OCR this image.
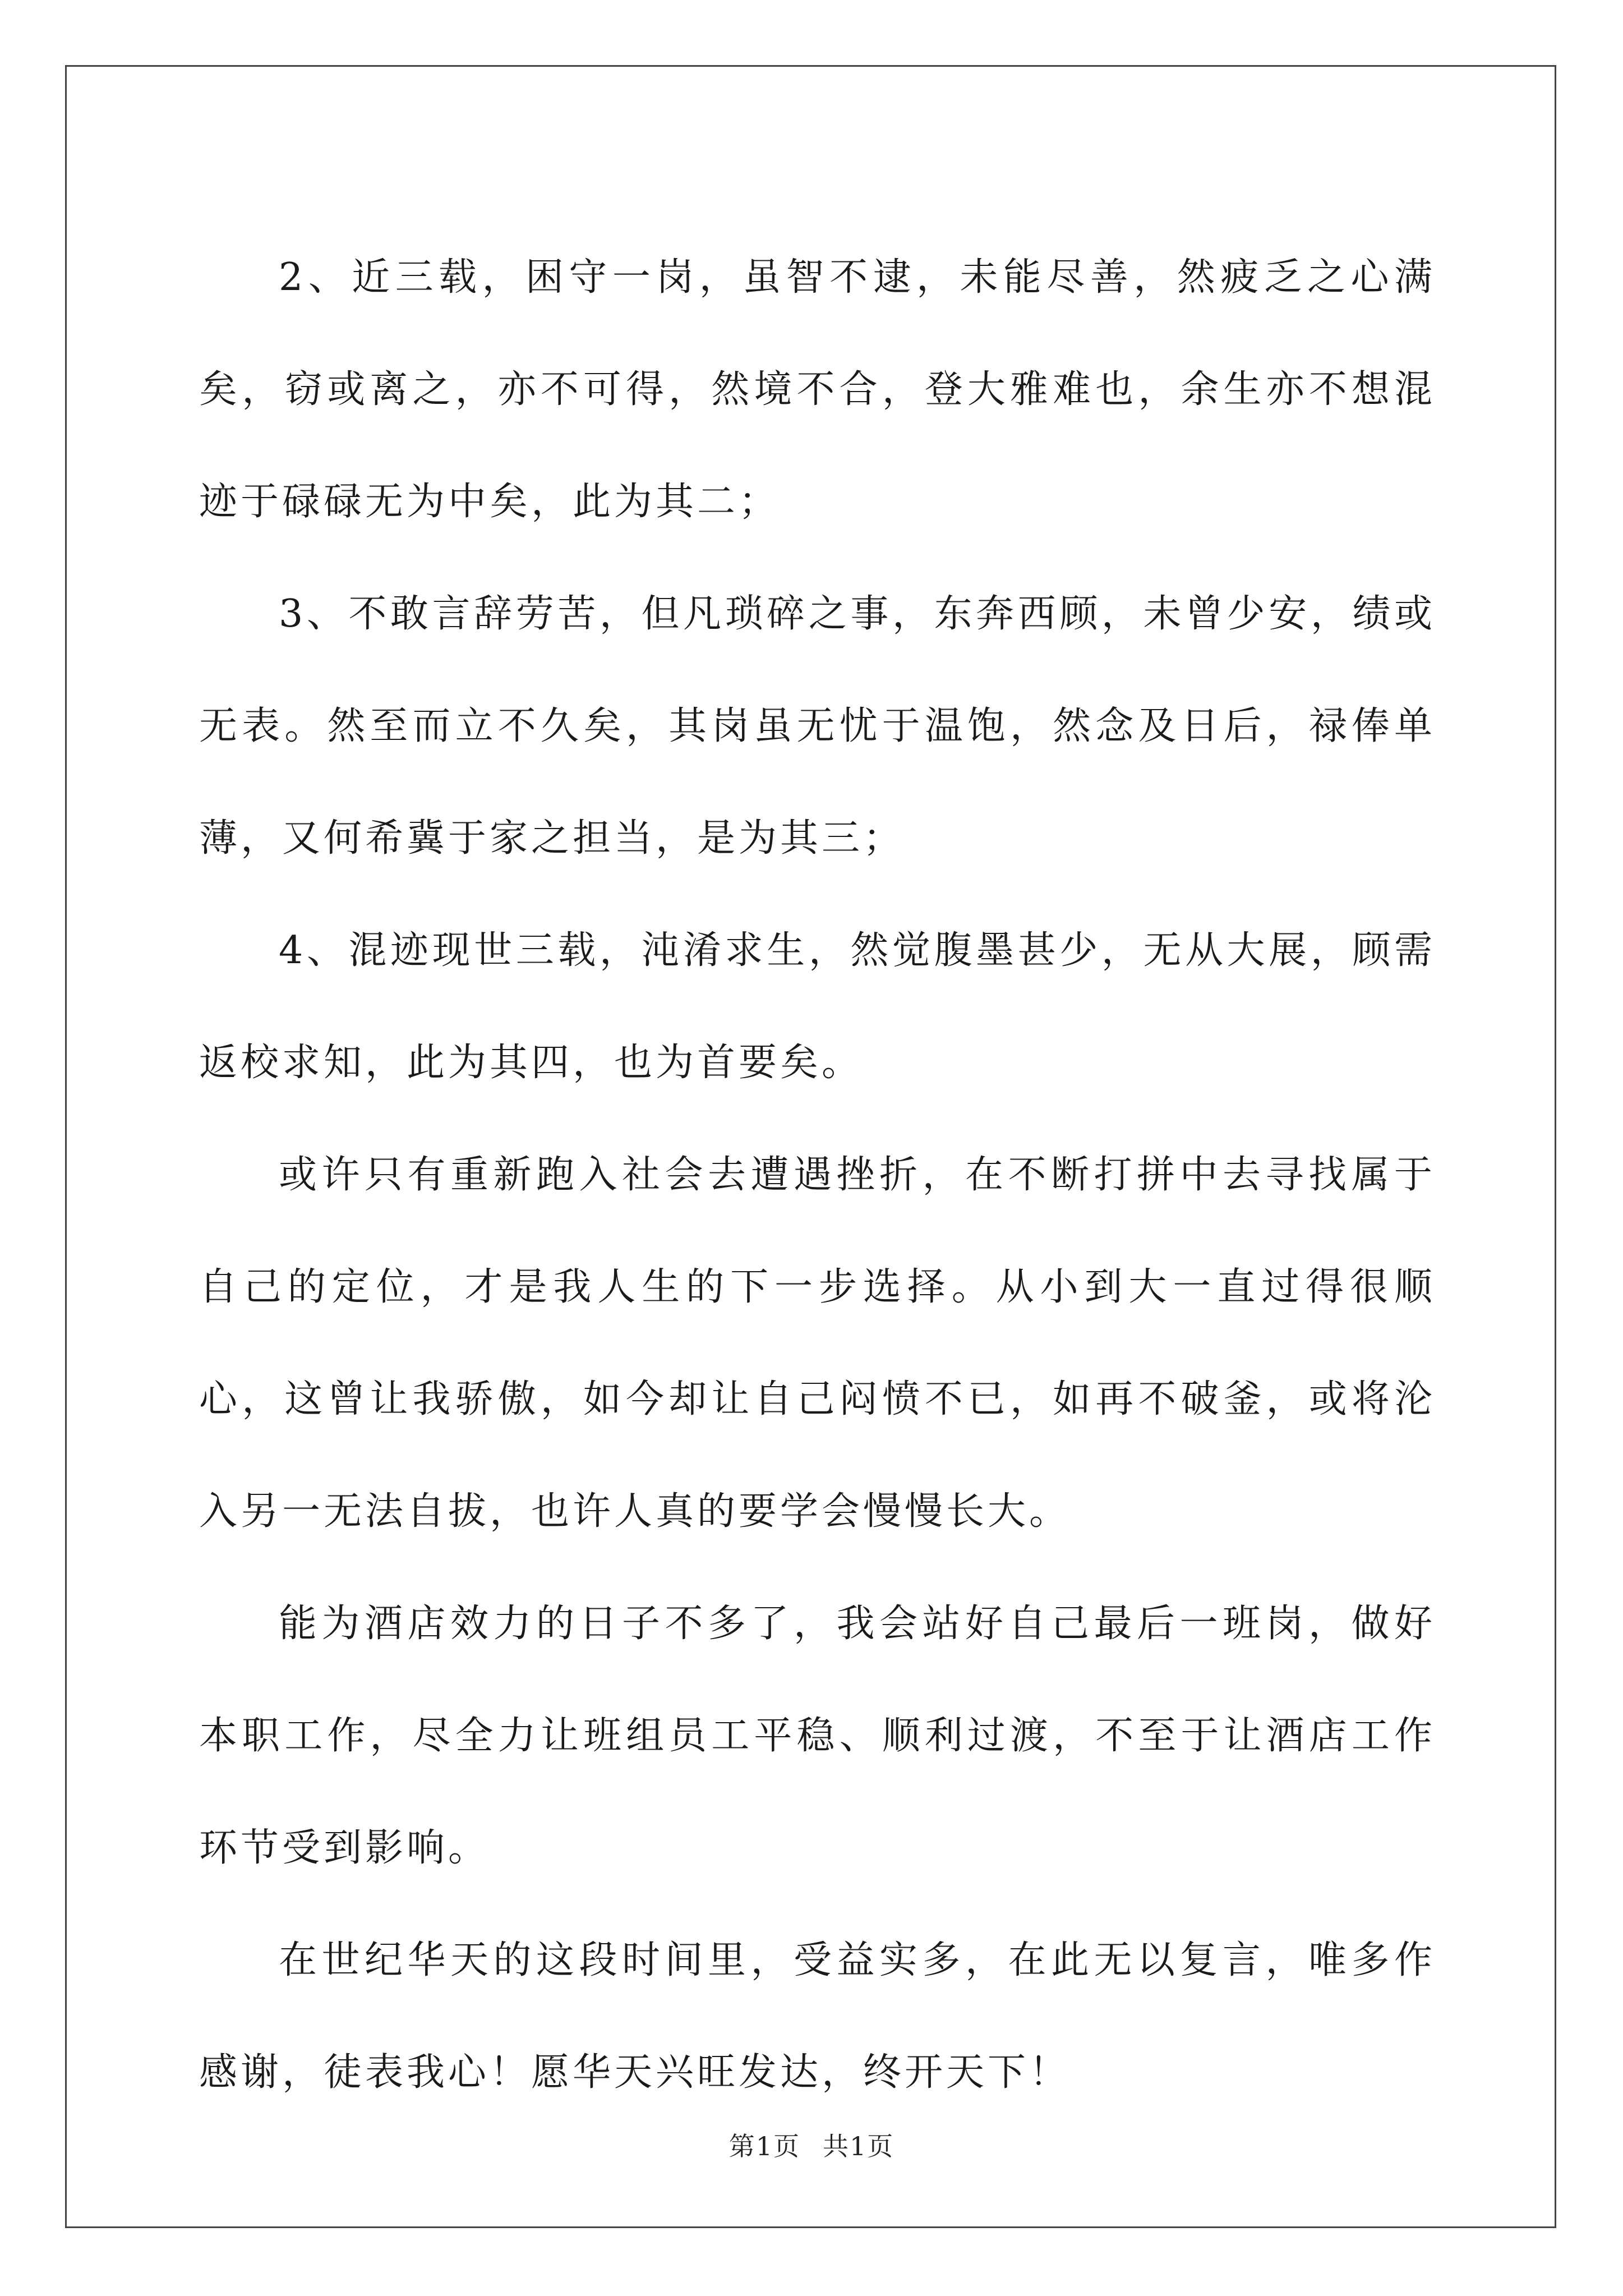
2、近三载，困守一岗，虽智不逮，未能尽善，然疲乏之心满矣，窃或离之，亦不可得，然境不合，登大雅难也，余生亦不想混迹于碌碌无为中矣，此为其二；

3、不敢言辞劳苦，但凡琐碎之事，东奔西顾，未曾少安，绩或无表。然至而立不久矣，其岗虽无忧于温饱，然念及日后，禄俸单薄，又何希冀于家之担当，是为其三；

4、混迹现世三载，沌淆求生，然觉腹墨甚少，无从大展，顾需返校求知，此为其四，也为首要矣。

或许只有重新跑入社会去遭遇挫折，在不断打拼中去寻找属于自己的定位，才是我人生的下一步选择。从小到大一直过得很顺心，这曾让我骄傲，如今却让自己闷愤不已，如再不破釜，或将沦入另一无法自拔，也许人真的要学会慢慢长大。

能为酒店效力的日子不多了，我会站好自己最后一班岗，做好本职工作，尽全力让班组员工平稳、顺利过渡，不至于让酒店工作环节受到影响。

在世纪华天的这段时间里，受益实多，在此无以复言，唯多作感谢，徒表我心！愿华天兴旺发达，终开天下！

第1页 共1页
